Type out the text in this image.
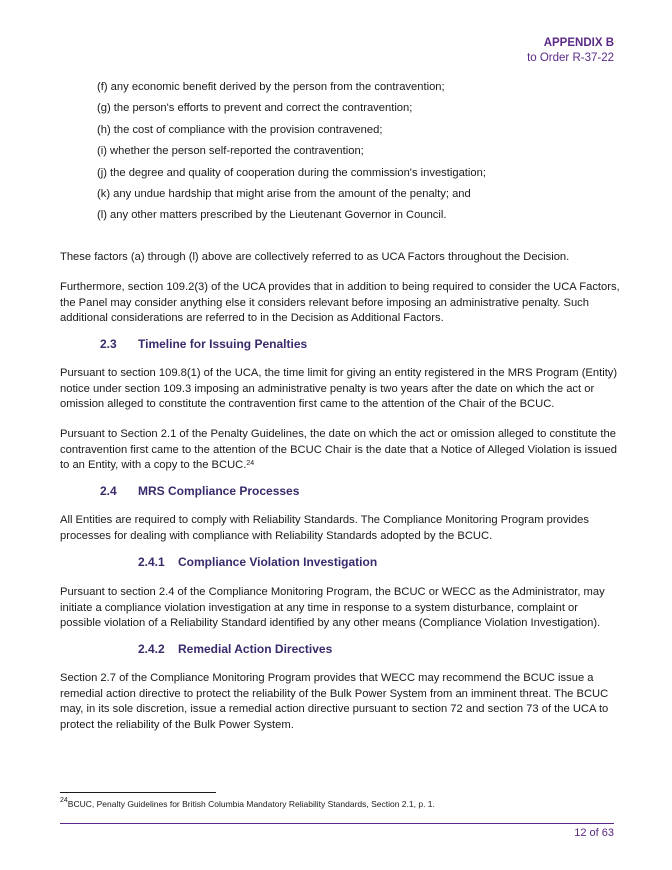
APPENDIX B
to Order R-37-22
(f) any economic benefit derived by the person from the contravention;
(g) the person's efforts to prevent and correct the contravention;
(h) the cost of compliance with the provision contravened;
(i) whether the person self-reported the contravention;
(j) the degree and quality of cooperation during the commission's investigation;
(k) any undue hardship that might arise from the amount of the penalty; and
(l) any other matters prescribed by the Lieutenant Governor in Council.

These factors (a) through (l) above are collectively referred to as UCA Factors throughout the Decision.

Furthermore, section 109.2(3) of the UCA provides that in addition to being required to consider the UCA Factors, the Panel may consider anything else it considers relevant before imposing an administrative penalty. Such additional considerations are referred to in the Decision as Additional Factors.

2.3 Timeline for Issuing Penalties

Pursuant to section 109.8(1) of the UCA, the time limit for giving an entity registered in the MRS Program (Entity) notice under section 109.3 imposing an administrative penalty is two years after the date on which the act or omission alleged to constitute the contravention first came to the attention of the Chair of the BCUC.

Pursuant to Section 2.1 of the Penalty Guidelines, the date on which the act or omission alleged to constitute the contravention first came to the attention of the BCUC Chair is the date that a Notice of Alleged Violation is issued to an Entity, with a copy to the BCUC.$^{24}$

2.4 MRS Compliance Processes

All Entities are required to comply with Reliability Standards. The Compliance Monitoring Program provides processes for dealing with compliance with Reliability Standards adopted by the BCUC.

2.4.1 Compliance Violation Investigation

Pursuant to section 2.4 of the Compliance Monitoring Program, the BCUC or WECC as the Administrator, may initiate a compliance violation investigation at any time in response to a system disturbance, complaint or possible violation of a Reliability Standard identified by any other means (Compliance Violation Investigation).

2.4.2 Remedial Action Directives

Section 2.7 of the Compliance Monitoring Program provides that WECC may recommend the BCUC issue a remedial action directive to protect the reliability of the Bulk Power System from an imminent threat. The BCUC may, in its sole discretion, issue a remedial action directive pursuant to section 72 and section 73 of the UCA to protect the reliability of the Bulk Power System.

$^{24}$BCUC, Penalty Guidelines for British Columbia Mandatory Reliability Standards, Section 2.1, p. 1.
12 of 63
